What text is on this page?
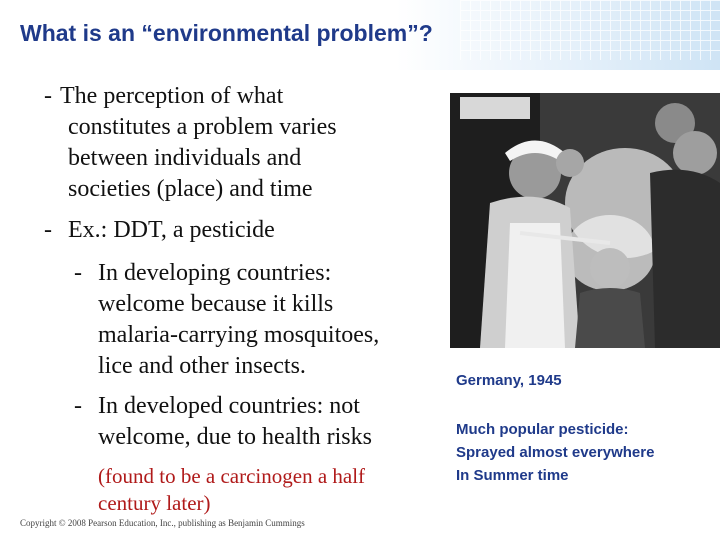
What is an “environmental problem”?
- The perception of what
constitutes a problem varies
between individuals and
societies (place) and time
- Ex.: DDT, a pesticide
- In developing countries:
welcome because it kills
malaria-carrying mosquitoes,
lice and other insects.
- In developed countries: not
welcome, due to health risks
(found to be a carcinogen a half
century later)

Copyright © 2008 Pearson Education, Inc., publishing as Benjamin Cummings

Germany, 1945

Much popular pesticide:
Sprayed almost everywhere
In Summer time
